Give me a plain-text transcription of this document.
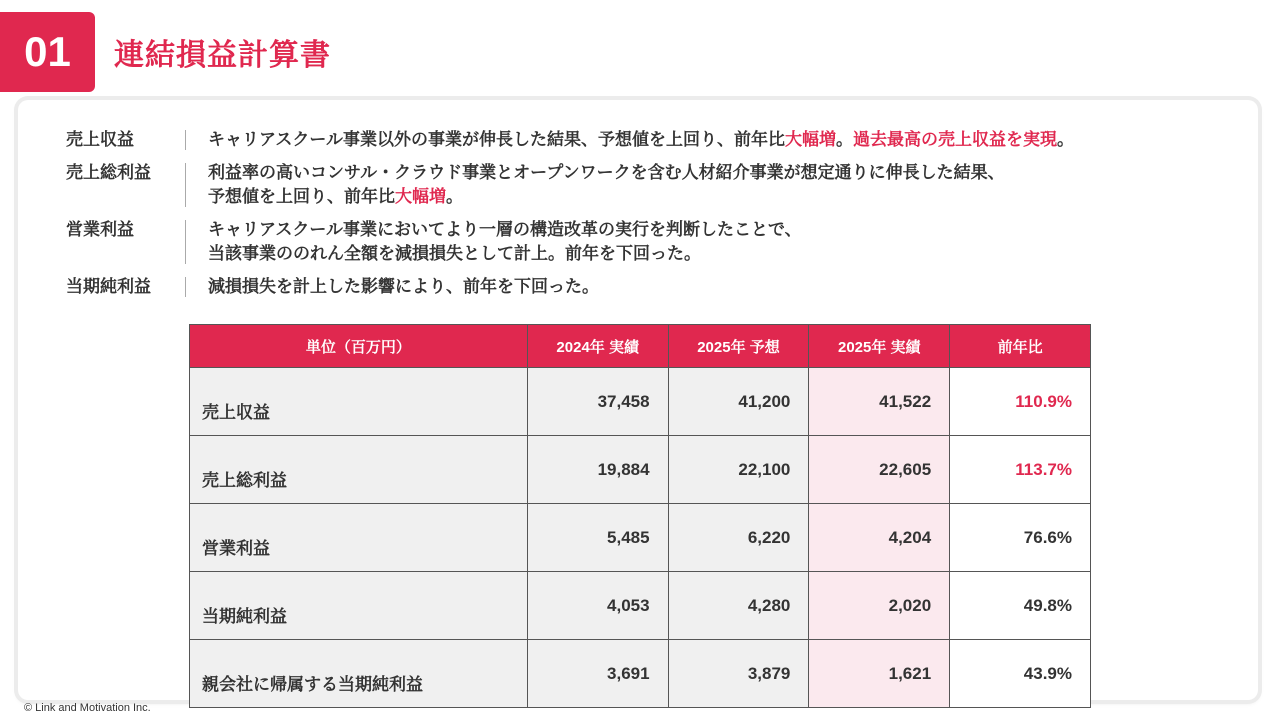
01	連結損益計算書
売上収益	キャリアスクール事業以外の事業が伸長した結果、予想値を上回り、前年比大幅増。過去最高の売上収益を実現。
売上総利益	利益率の高いコンサル・クラウド事業とオープンワークを含む人材紹介事業が想定通りに伸長した結果、
予想値を上回り、前年比大幅増。
営業利益	キャリアスクール事業においてより一層の構造改革の実行を判断したことで、
当該事業ののれん全額を減損損失として計上。前年を下回った。
当期純利益	減損損失を計上した影響により、前年を下回った。
単位（百万円）	2024年 実績	2025年 予想	2025年 実績	前年比
売上収益	37,458	41,200	41,522	110.9%
売上総利益	19,884	22,100	22,605	113.7%
営業利益	5,485	6,220	4,204	76.6%
当期純利益	4,053	4,280	2,020	49.8%
親会社に帰属する当期純利益	3,691	3,879	1,621	43.9%
© Link and Motivation Inc.
